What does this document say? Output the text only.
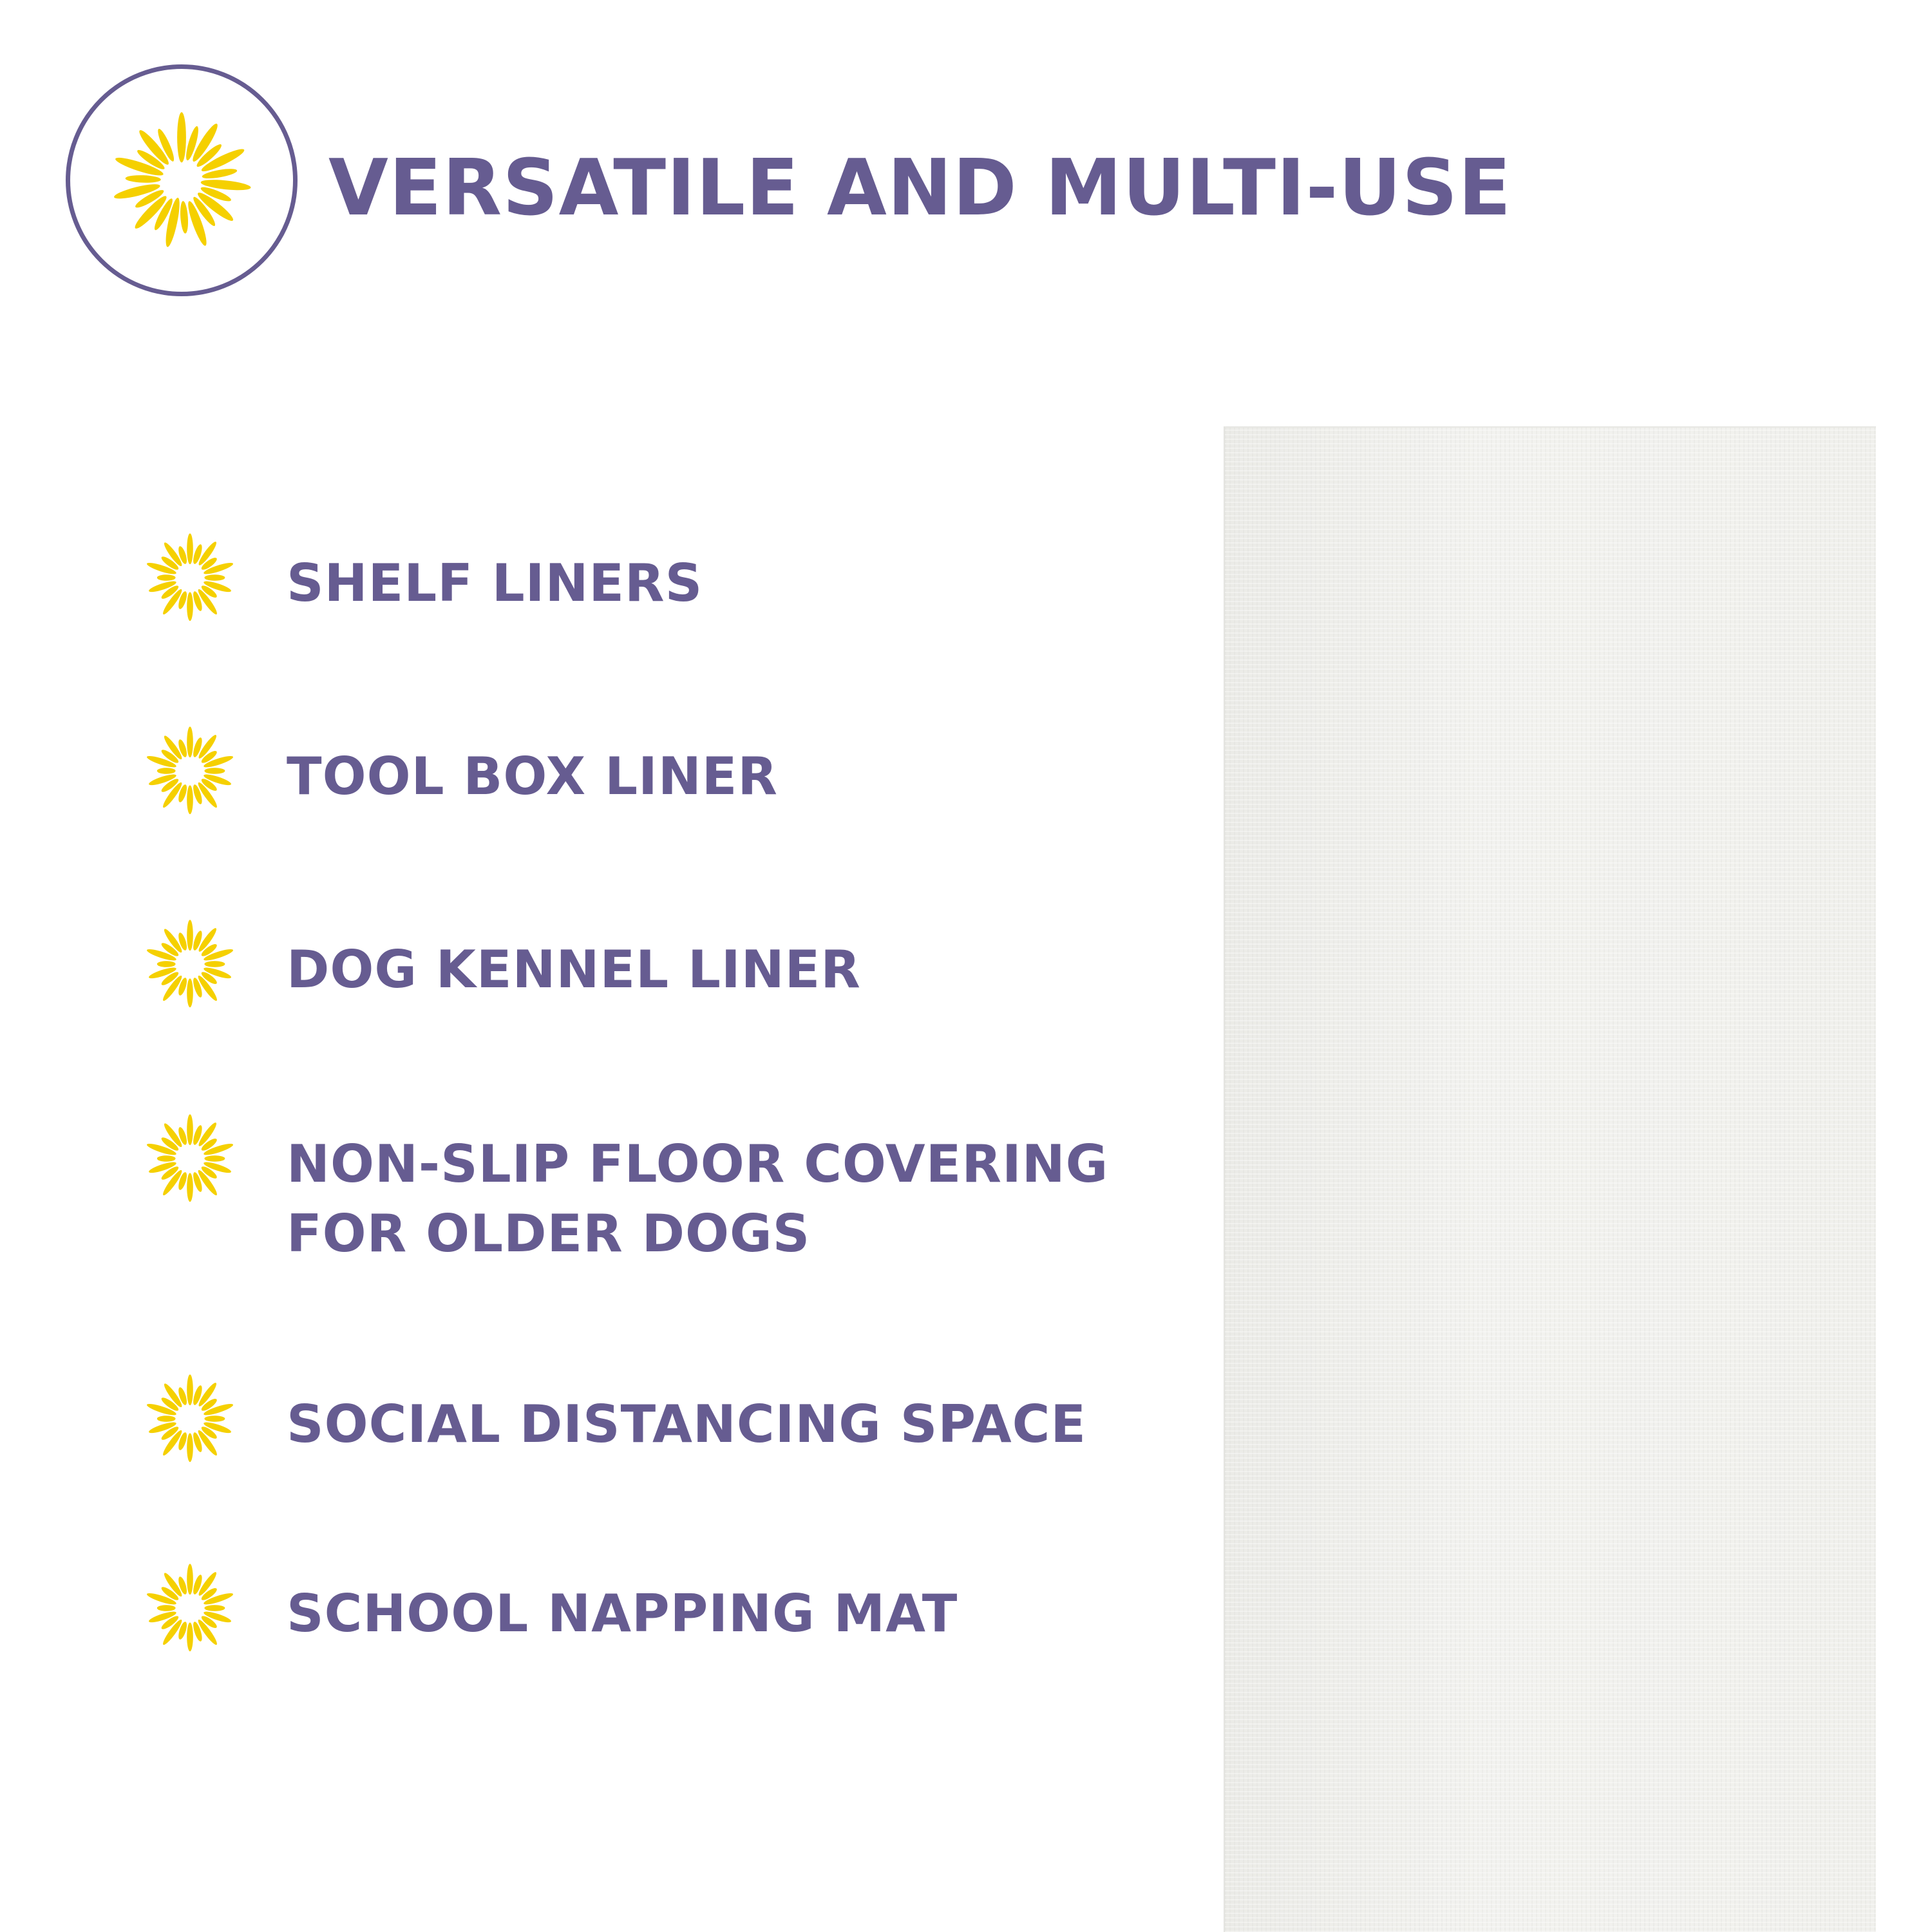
VERSATILE AND MULTI-USE
SHELF LINERS
TOOL BOX LINER
DOG KENNEL LINER
NON-SLIP FLOOR COVERING
FOR OLDER DOGS
SOCIAL DISTANCING SPACE
SCHOOL NAPPING MAT
